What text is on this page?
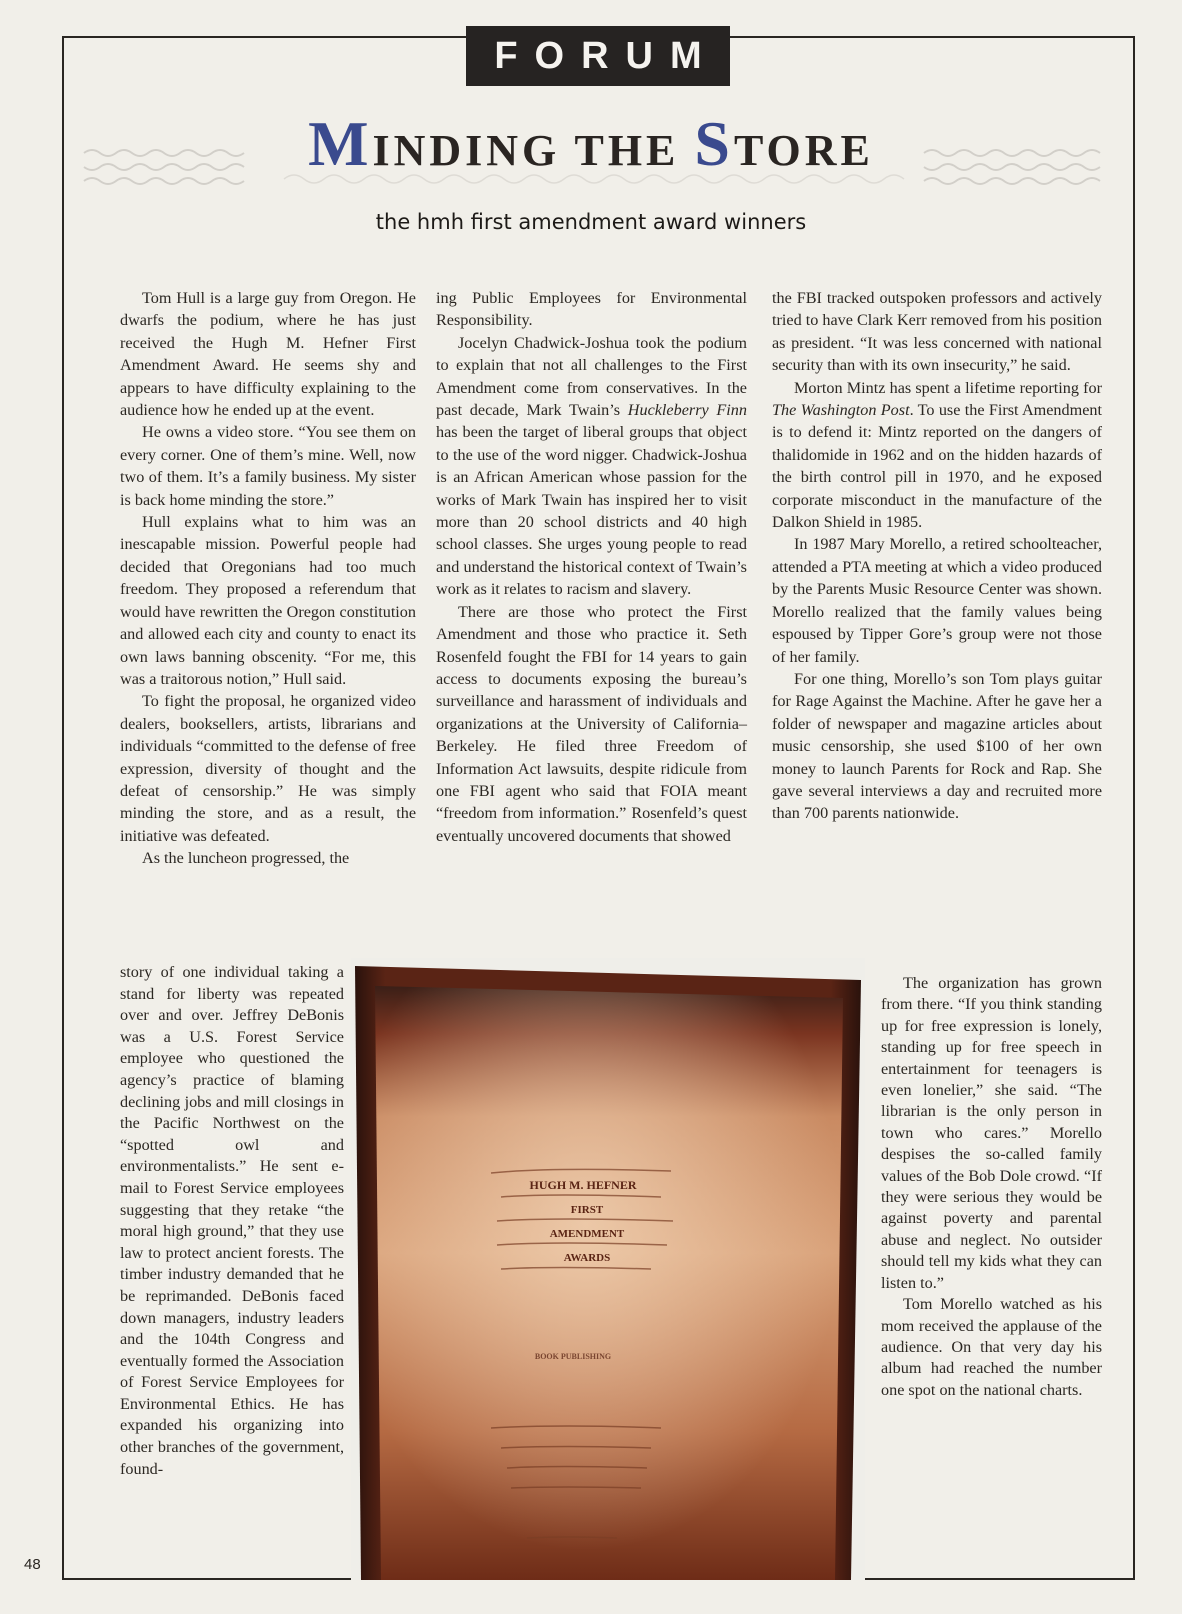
FORUM
MINDING THE STORE
the hmh first amendment award winners

Tom Hull is a large guy from Oregon. He dwarfs the podium, where he has just received the Hugh M. Hefner First Amendment Award. He seems shy and appears to have difficulty explaining to the audience how he ended up at the event.

He owns a video store. “You see them on every corner. One of them’s mine. Well, now two of them. It’s a family business. My sister is back home minding the store.”

Hull explains what to him was an inescapable mission. Powerful people had decided that Oregonians had too much freedom. They proposed a referendum that would have rewritten the Oregon constitution and allowed each city and county to enact its own laws banning obscenity. “For me, this was a traitorous notion,” Hull said.

To fight the proposal, he organized video dealers, booksellers, artists, librarians and individuals “committed to the defense of free expression, diversity of thought and the defeat of censorship.” He was simply minding the store, and as a result, the initiative was defeated.

As the luncheon progressed, the

story of one individual taking a stand for liberty was repeated over and over. Jeffrey DeBonis was a U.S. Forest Service employee who questioned the agency’s practice of blaming declining jobs and mill closings in the Pacific Northwest on the “spotted owl and environmentalists.” He sent e-mail to Forest Service employees suggesting that they retake “the moral high ground,” that they use law to protect ancient forests. The timber industry demanded that he be reprimanded. DeBonis faced down managers, industry leaders and the 104th Congress and eventually formed the Association of Forest Service Employees for Environmental Ethics. He has expanded his organizing into other branches of the government, found-

ing Public Employees for Environmental Responsibility.

Jocelyn Chadwick-Joshua took the podium to explain that not all challenges to the First Amendment come from conservatives. In the past decade, Mark Twain’s Huckleberry Finn has been the target of liberal groups that object to the use of the word nigger. Chadwick-Joshua is an African American whose passion for the works of Mark Twain has inspired her to visit more than 20 school districts and 40 high school classes. She urges young people to read and understand the historical context of Twain’s work as it relates to racism and slavery.

There are those who protect the First Amendment and those who practice it. Seth Rosenfeld fought the FBI for 14 years to gain access to documents exposing the bureau’s surveillance and harassment of individuals and organizations at the University of California–Berkeley. He filed three Freedom of Information Act lawsuits, despite ridicule from one FBI agent who said that FOIA meant “freedom from information.” Rosenfeld’s quest eventually uncovered documents that showed

the FBI tracked outspoken professors and actively tried to have Clark Kerr removed from his position as president. “It was less concerned with national security than with its own insecurity,” he said.

Morton Mintz has spent a lifetime reporting for The Washington Post. To use the First Amendment is to defend it: Mintz reported on the dangers of thalidomide in 1962 and on the hidden hazards of the birth control pill in 1970, and he exposed corporate misconduct in the manufacture of the Dalkon Shield in 1985.

In 1987 Mary Morello, a retired schoolteacher, attended a PTA meeting at which a video produced by the Parents Music Resource Center was shown. Morello realized that the family values being espoused by Tipper Gore’s group were not those of her family.

For one thing, Morello’s son Tom plays guitar for Rage Against the Machine. After he gave her a folder of newspaper and magazine articles about music censorship, she used $100 of her own money to launch Parents for Rock and Rap. She gave several interviews a day and recruited more than 700 parents nationwide.

The organization has grown from there. “If you think standing up for free expression is lonely, standing up for free speech in entertainment for teenagers is even lonelier,” she said. “The librarian is the only person in town who cares.” Morello despises the so-called family values of the Bob Dole crowd. “If they were serious they would be against poverty and parental abuse and neglect. No outsider should tell my kids what they can listen to.”

Tom Morello watched as his mom received the applause of the audience. On that very day his album had reached the number one spot on the national charts.

HUGH M. HEFNER
FIRST
AMENDMENT
AWARDS
BOOK PUBLISHING
48
